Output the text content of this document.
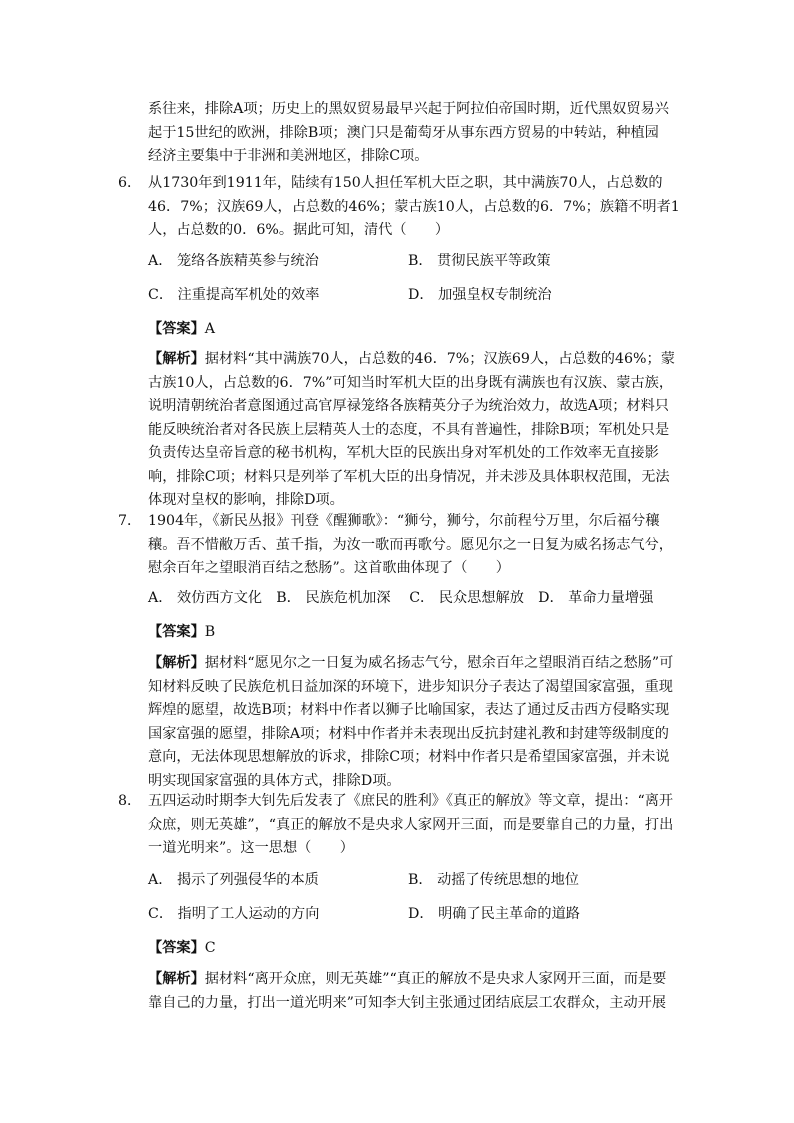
系往来，排除A项；历史上的黑奴贸易最早兴起于阿拉伯帝国时期，近代黑奴贸易兴
起于15世纪的欧洲，排除B项；澳门只是葡萄牙从事东西方贸易的中转站，种植园
经济主要集中于非洲和美洲地区，排除C项。
6． 从1730年到1911年，陆续有150人担任军机大臣之职，其中满族70人，占总数的
46．7%；汉族69人，占总数的46%；蒙古族10人，占总数的6．7%；族籍不明者1
人，占总数的0．6%。据此可知，清代（　　）
A． 笼络各族精英参与统治	B． 贯彻民族平等政策
C． 注重提高军机处的效率	D． 加强皇权专制统治
【答案】A
【解析】据材料“其中满族70人，占总数的46．7%；汉族69人，占总数的46%；蒙
古族10人，占总数的6．7%”可知当时军机大臣的出身既有满族也有汉族、蒙古族，
说明清朝统治者意图通过高官厚禄笼络各族精英分子为统治效力，故选A项；材料只
能反映统治者对各民族上层精英人士的态度，不具有普遍性，排除B项；军机处只是
负责传达皇帝旨意的秘书机构，军机大臣的民族出身对军机处的工作效率无直接影
响，排除C项；材料只是列举了军机大臣的出身情况，并未涉及具体职权范围，无法
体现对皇权的影响，排除D项。
7． 1904年，《新民丛报》刊登《醒狮歌》：“狮兮，狮兮，尔前程兮万里，尔后福兮穰
穰。吾不惜敝万舌、茧千指，为汝一歌而再歌兮。愿见尔之一日复为威名扬志气兮，
慰余百年之望眼消百结之愁肠”。这首歌曲体现了（　　）
A． 效仿西方文化　B． 民族危机加深　 C． 民众思想解放　D． 革命力量增强
【答案】B
【解析】据材料“愿见尔之一日复为威名扬志气兮，慰余百年之望眼消百结之愁肠”可
知材料反映了民族危机日益加深的环境下，进步知识分子表达了渴望国家富强，重现
辉煌的愿望，故选B项；材料中作者以狮子比喻国家，表达了通过反击西方侵略实现
国家富强的愿望，排除A项；材料中作者并未表现出反抗封建礼教和封建等级制度的
意向，无法体现思想解放的诉求，排除C项；材料中作者只是希望国家富强，并未说
明实现国家富强的具体方式，排除D项。
8． 五四运动时期李大钊先后发表了《庶民的胜利》《真正的解放》等文章，提出：“离开
众庶，则无英雄”，“真正的解放不是央求人家网开三面，而是要靠自己的力量，打出
一道光明来”。这一思想（　　）
A． 揭示了列强侵华的本质	B． 动摇了传统思想的地位
C． 指明了工人运动的方向	D． 明确了民主革命的道路
【答案】C
【解析】据材料“离开众庶，则无英雄”“真正的解放不是央求人家网开三面，而是要
靠自己的力量，打出一道光明来”可知李大钊主张通过团结底层工农群众，主动开展
